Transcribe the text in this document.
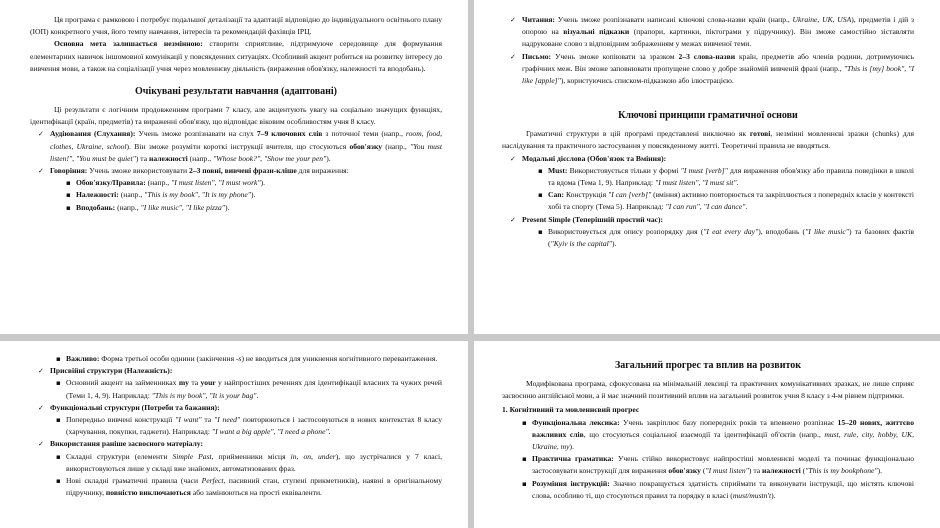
Ця програма є рамковою і потребує подальшої деталізації та адаптації відповідно до індивідуального освітнього плану (ІОП) конкретного учня, його темпу навчання, інтересів та рекомендацій фахівців ІРЦ.

Основна мета залишається незмінною: створити сприятливе, підтримуюче середовище для формування елементарних навичок іншомовної комунікації у повсякденних ситуаціях. Особливий акцент робиться на розвитку інтересу до вивчення мови, а також на соціалізації учня через мовленнєву діяльність (вираження обов'язку, належності та вподобань).

Очікувані результати навчання (адаптовані)

Ці результати є логічним продовженням програми 7 класу, але акцентують увагу на соціально значущих функціях, ідентифікації (країн, предметів) та вираженні обов'язку, що відповідає віковим особливостям учня 8 класу.

✓ Аудіювання (Слухання): Учень зможе розпізнавати на слух 7–9 ключових слів з поточної теми (напр., room, food, clothes, Ukraine, school). Він зможе розуміти короткі інструкції вчителя, що стосуються обов'язку (напр., "You must listen!", "You must be quiet") та належності (напр., "Whose book?", "Show me your pen").
✓ Говоріння: Учень зможе використовувати 2–3 повні, вивчені фрази-кліше для вираження:
▪ Обов'язку/Правила: (напр., "I must listen", "I must work").
▪ Належності: (напр., "This is my book", "It is my phone").
▪ Вподобань: (напр., "I like music", "I like pizza").
✓ Читання: Учень зможе розпізнавати написані ключові слова-назви країн (напр., Ukraine, UK, USA), предметів і дій з опорою на візуальні підказки (прапори, картинки, піктограми у підручнику). Він зможе самостійно зіставляти надруковане слово з відповідним зображенням у межах вивченої теми.
✓ Письмо: Учень зможе копіювати за зразком 2–3 слова-назви країн, предметів або членів родини, дотримуючись графічних меж. Він зможе заповнювати пропущене слово у добре знайомій вивченій фразі (напр., "This is [my] book", "I like [apple]"), користуючись списком-підказкою або ілюстрацією.
Ключові принципи граматичної основи

Граматичні структури в цій програмі представлені виключно як готові, незмінні мовленнєві зразки (chunks) для наслідування та практичного застосування у повсякденному житті. Теоретичні правила не вводяться.

✓ Модальні дієслова (Обов'язок та Вміння):
▪ Must: Використовується тільки у формі "I must [verb]" для вираження обов'язку або правила поведінки в школі та вдома (Тема 1, 9). Наприклад: "I must listen", "I must sit".
▪ Can: Конструкція "I can [verb]" (вміння) активно повторюється та закріплюється з попередніх класів у контексті хобі та спорту (Тема 5). Наприклад: "I can run", "I can dance".
✓ Present Simple (Теперішній простий час):
▪ Використовується для опису розпорядку дня ("I eat every day"), вподобань ("I like music") та базових фактів ("Kyiv is the capital").
▪ Важливо: Форма третьої особи однини (закінчення -s) не вводиться для уникнення когнітивного перевантаження.
✓ Присвійні структури (Належність):
▪ Основний акцент на займенниках my та your у найпростіших реченнях для ідентифікації власних та чужих речей (Теми 1, 4, 9). Наприклад: "This is my book", "It is your bag".
✓ Функціональні структури (Потреби та бажання):
▪ Попередньо вивчені конструкції "I want" та "I need" повторюються і застосовуються в нових контекстах 8 класу (харчування, покупки, гаджети). Наприклад: "I want a big apple", "I need a phone".
✓ Використання раніше засвоєного матеріалу:
▪ Складні структури (елементи Simple Past, прийменники місця in, on, under), що зустрічалися у 7 класі, використовуються лише у складі вже знайомих, автоматизованих фраз.
▪ Нові складні граматичні правила (часи Perfect, пасивний стан, ступені прикметників), наявні в оригінальному підручнику, повністю виключаються або замінюються на прості еквіваленти.
Загальний прогрес та вплив на розвиток

Модифікована програма, сфокусована на мінімальній лексиці та практичних комунікативних зразках, не лише сприяє засвоєнню англійської мови, а й має значний позитивний вплив на загальний розвиток учня 8 класу з 4-м рівнем підтримки.

1. Когнітивний та мовленнєвий прогрес

▪ Функціональна лексика: Учень закріплює базу попередніх років та впевнено розпізнає 15–20 нових, життєво важливих слів, що стосуються соціальної взаємодії та ідентифікації об'єктів (напр., must, rule, city, hobby, UK, Ukraine, my).
▪ Практична граматика: Учень стійко використовує найпростіші мовленнєві моделі та починає функціонально застосовувати конструкції для вираження обов'язку ("I must listen") та належності ("This is my bookphone").
▪ Розуміння інструкцій: Значно покращується здатність сприймати та виконувати інструкції, що містять ключові слова, особливо ті, що стосуються правил та порядку в класі (must/mustn't).
